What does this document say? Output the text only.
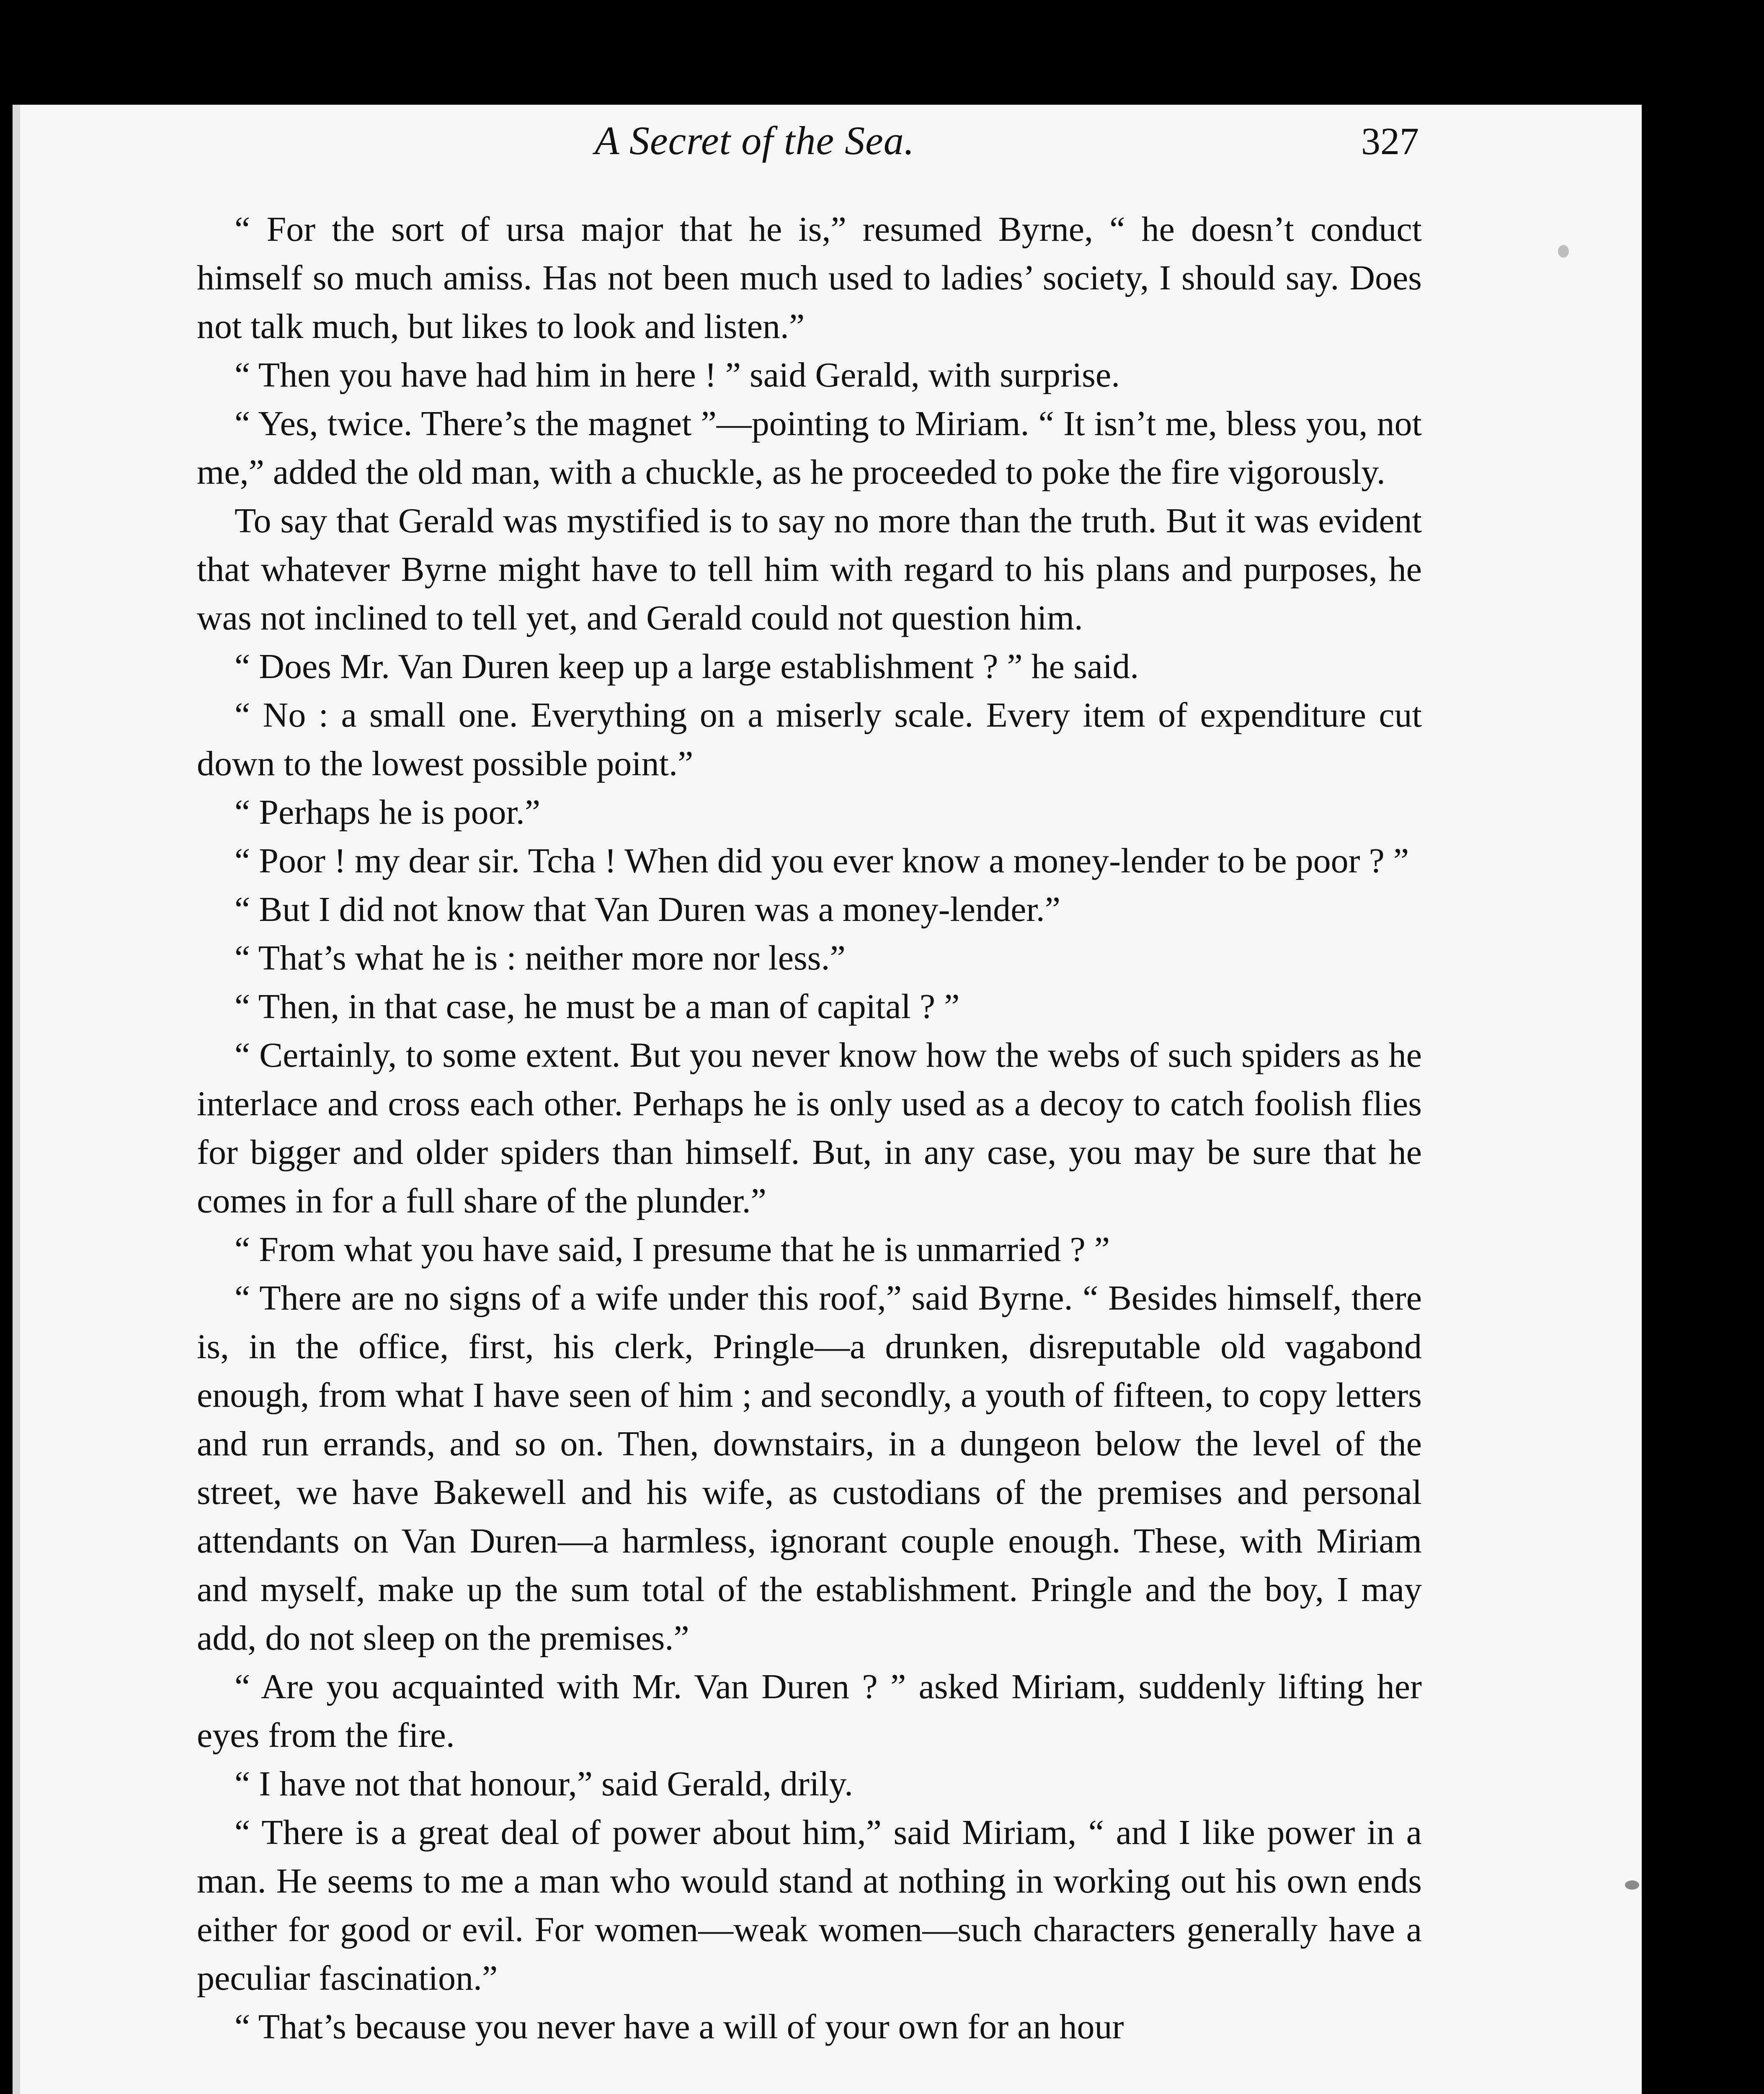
A Secret of the Sea.	327

“ For the sort of ursa major that he is,” resumed Byrne, “ he doesn’t conduct himself so much amiss. Has not been much used to ladies’ society, I should say. Does not talk much, but likes to look and listen.”

“ Then you have had him in here ! ” said Gerald, with surprise.

“ Yes, twice. There’s the magnet ”—pointing to Miriam. “ It isn’t me, bless you, not me,” added the old man, with a chuckle, as he proceeded to poke the fire vigorously.

To say that Gerald was mystified is to say no more than the truth. But it was evident that whatever Byrne might have to tell him with regard to his plans and purposes, he was not inclined to tell yet, and Gerald could not question him.

“ Does Mr. Van Duren keep up a large establishment ? ” he said.

“ No : a small one. Everything on a miserly scale. Every item of expenditure cut down to the lowest possible point.”

“ Perhaps he is poor.”

“ Poor ! my dear sir. Tcha ! When did you ever know a money-lender to be poor ? ”

“ But I did not know that Van Duren was a money-lender.”

“ That’s what he is : neither more nor less.”

“ Then, in that case, he must be a man of capital ? ”

“ Certainly, to some extent. But you never know how the webs of such spiders as he interlace and cross each other. Perhaps he is only used as a decoy to catch foolish flies for bigger and older spiders than himself. But, in any case, you may be sure that he comes in for a full share of the plunder.”

“ From what you have said, I presume that he is unmarried ? ”

“ There are no signs of a wife under this roof,” said Byrne. “ Besides himself, there is, in the office, first, his clerk, Pringle—a drunken, disreputable old vagabond enough, from what I have seen of him ; and secondly, a youth of fifteen, to copy letters and run errands, and so on. Then, downstairs, in a dungeon below the level of the street, we have Bakewell and his wife, as custodians of the premises and personal attendants on Van Duren—a harmless, ignorant couple enough. These, with Miriam and myself, make up the sum total of the establishment. Pringle and the boy, I may add, do not sleep on the premises.”

“ Are you acquainted with Mr. Van Duren ? ” asked Miriam, suddenly lifting her eyes from the fire.

“ I have not that honour,” said Gerald, drily.

“ There is a great deal of power about him,” said Miriam, “ and I like power in a man. He seems to me a man who would stand at nothing in working out his own ends either for good or evil. For women—weak women—such characters generally have a peculiar fascination.”

“ That’s because you never have a will of your own for an hour
